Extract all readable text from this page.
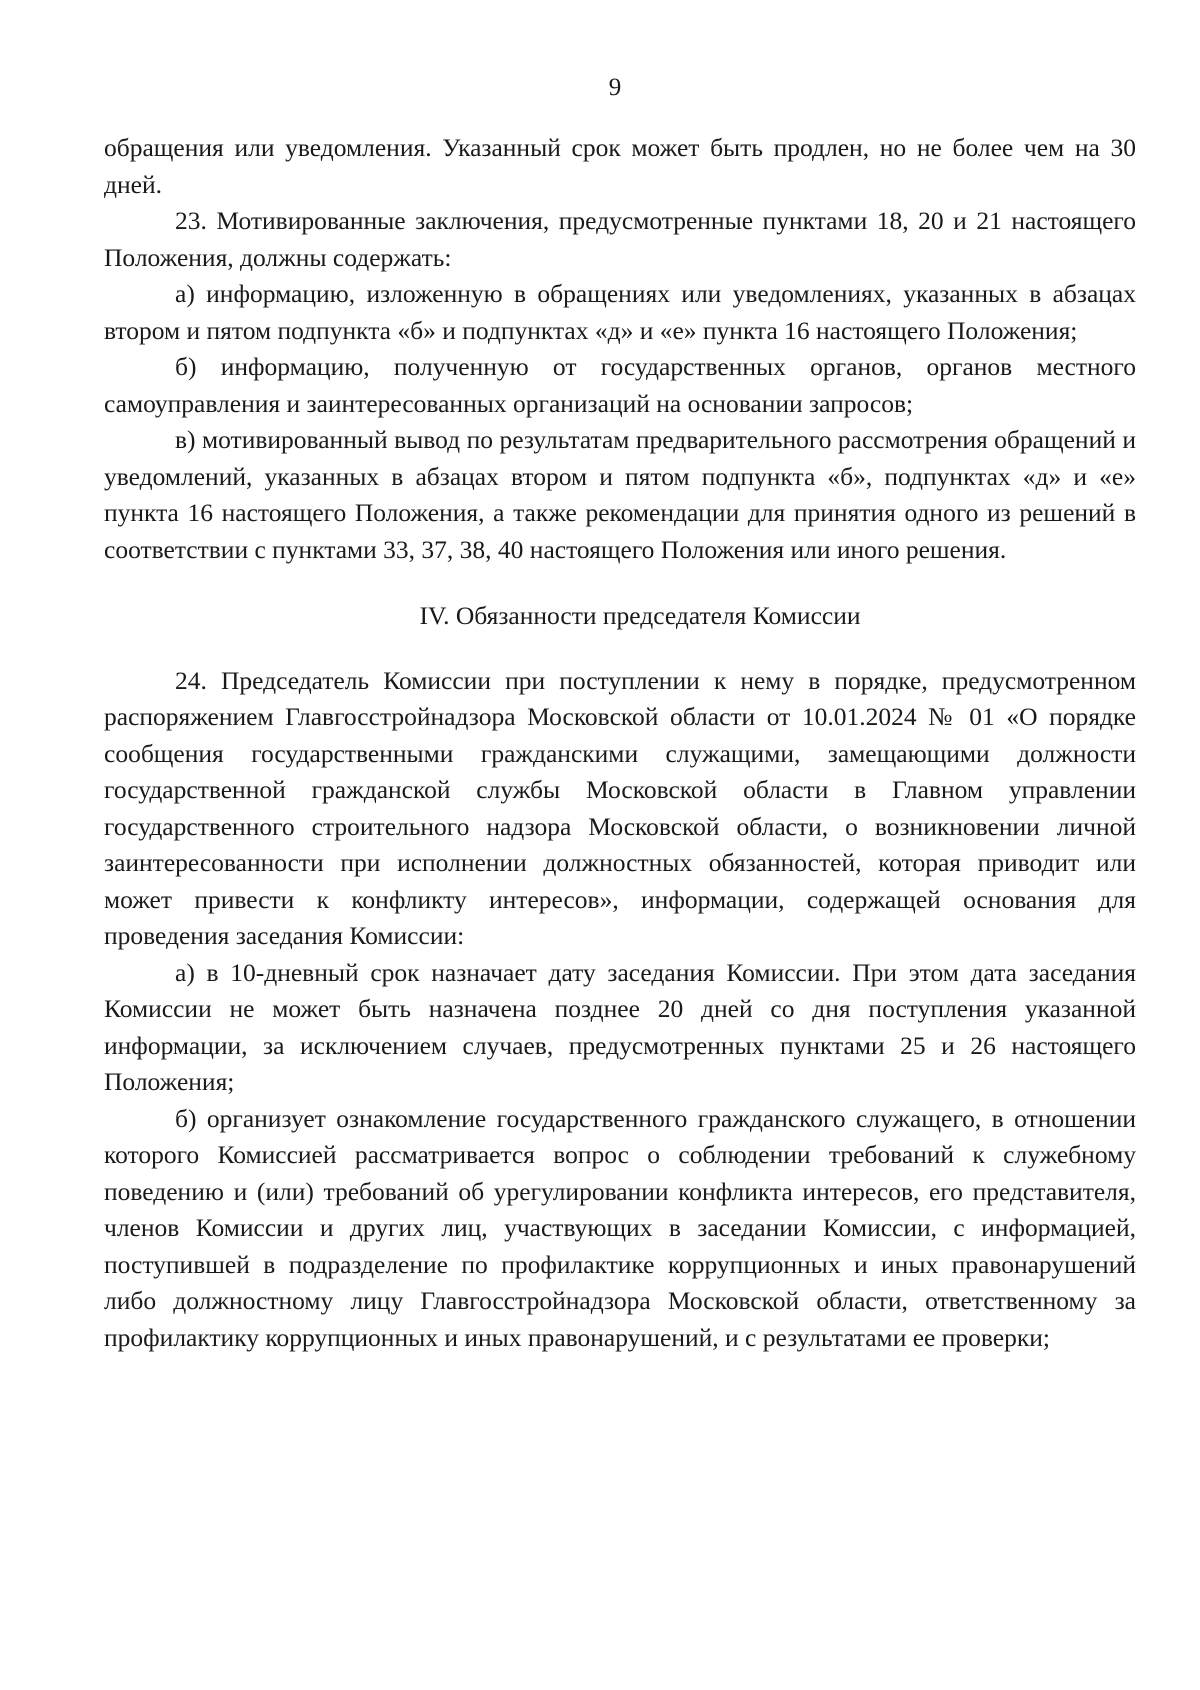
9

обращения или уведомления. Указанный срок может быть продлен, но не более чем на 30 дней.

23. Мотивированные заключения, предусмотренные пунктами 18, 20 и 21 настоящего Положения, должны содержать:

а) информацию, изложенную в обращениях или уведомлениях, указанных в абзацах втором и пятом подпункта «б» и подпунктах «д» и «е» пункта 16 настоящего Положения;

б) информацию, полученную от государственных органов, органов местного самоуправления и заинтересованных организаций на основании запросов;

в) мотивированный вывод по результатам предварительного рассмотрения обращений и уведомлений, указанных в абзацах втором и пятом подпункта «б», подпунктах «д» и «е» пункта 16 настоящего Положения, а также рекомендации для принятия одного из решений в соответствии с пунктами 33, 37, 38, 40 настоящего Положения или иного решения.

IV. Обязанности председателя Комиссии

24. Председатель Комиссии при поступлении к нему в порядке, предусмотренном распоряжением Главгосстройнадзора Московской области от 10.01.2024 № 01 «О порядке сообщения государственными гражданскими служащими, замещающими должности государственной гражданской службы Московской области в Главном управлении государственного строительного надзора Московской области, о возникновении личной заинтересованности при исполнении должностных обязанностей, которая приводит или может привести к конфликту интересов», информации, содержащей основания для проведения заседания Комиссии:

а) в 10-дневный срок назначает дату заседания Комиссии. При этом дата заседания Комиссии не может быть назначена позднее 20 дней со дня поступления указанной информации, за исключением случаев, предусмотренных пунктами 25 и 26 настоящего Положения;

б) организует ознакомление государственного гражданского служащего, в отношении которого Комиссией рассматривается вопрос о соблюдении требований к служебному поведению и (или) требований об урегулировании конфликта интересов, его представителя, членов Комиссии и других лиц, участвующих в заседании Комиссии, с информацией, поступившей в подразделение по профилактике коррупционных и иных правонарушений либо должностному лицу Главгосстройнадзора Московской области, ответственному за профилактику коррупционных и иных правонарушений, и с результатами ее проверки;
